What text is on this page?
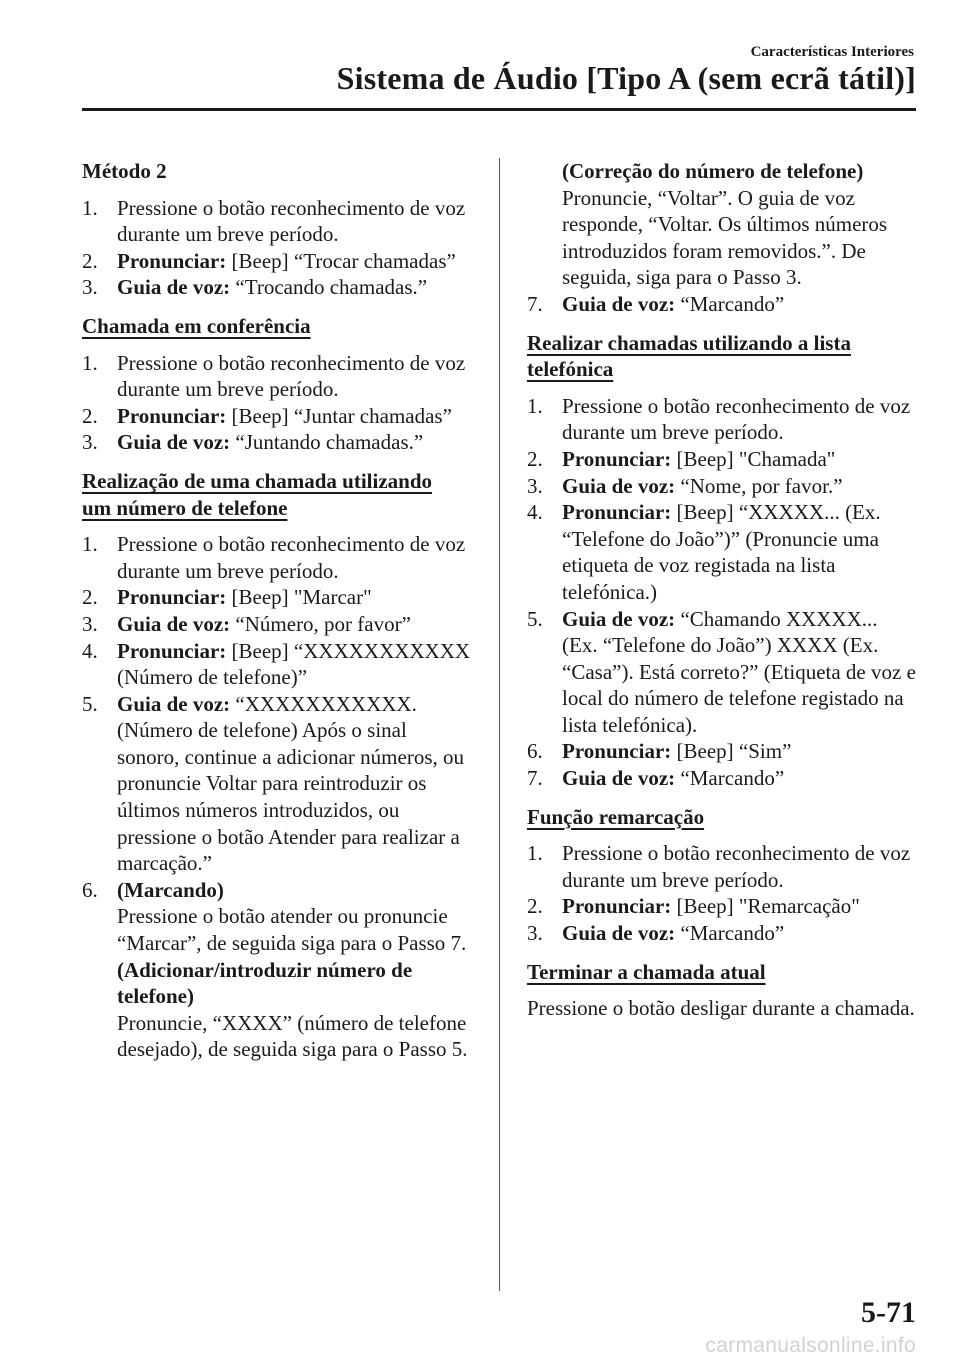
Características Interiores
Sistema de Áudio [Tipo A (sem ecrã tátil)]
Método 2
1. Pressione o botão reconhecimento de voz durante um breve período.
2. Pronunciar: [Beep] “Trocar chamadas”
3. Guia de voz: “Trocando chamadas.”
Chamada em conferência
1. Pressione o botão reconhecimento de voz durante um breve período.
2. Pronunciar: [Beep] “Juntar chamadas”
3. Guia de voz: “Juntando chamadas.”
Realização de uma chamada utilizando
um número de telefone
1. Pressione o botão reconhecimento de voz durante um breve período.
2. Pronunciar: [Beep] "Marcar"
3. Guia de voz: “Número, por favor”
4. Pronunciar: [Beep] “XXXXXXXXXXX (Número de telefone)”
5. Guia de voz: “XXXXXXXXXXX. (Número de telefone) Após o sinal sonoro, continue a adicionar números, ou pronuncie Voltar para reintroduzir os últimos números introduzidos, ou pressione o botão Atender para realizar a marcação.”
6. (Marcando)
Pressione o botão atender ou pronuncie “Marcar”, de seguida siga para o Passo 7.
(Adicionar/introduzir número de telefone)
Pronuncie, “XXXX” (número de telefone desejado), de seguida siga para o Passo 5.
(Correção do número de telefone)
Pronuncie, “Voltar”. O guia de voz responde, “Voltar. Os últimos números introduzidos foram removidos.”. De seguida, siga para o Passo 3.
7. Guia de voz: “Marcando”
Realizar chamadas utilizando a lista
telefónica
1. Pressione o botão reconhecimento de voz durante um breve período.
2. Pronunciar: [Beep] "Chamada"
3. Guia de voz: “Nome, por favor.”
4. Pronunciar: [Beep] “XXXXX... (Ex. “Telefone do João”)” (Pronuncie uma etiqueta de voz registada na lista telefónica.)
5. Guia de voz: “Chamando XXXXX... (Ex. “Telefone do João”) XXXX (Ex. “Casa”). Está correto?” (Etiqueta de voz e local do número de telefone registado na lista telefónica).
6. Pronunciar: [Beep] “Sim”
7. Guia de voz: “Marcando”
Função remarcação
1. Pressione o botão reconhecimento de voz durante um breve período.
2. Pronunciar: [Beep] "Remarcação"
3. Guia de voz: “Marcando”
Terminar a chamada atual

Pressione o botão desligar durante a chamada.

5-71
carmanualsonline.info
